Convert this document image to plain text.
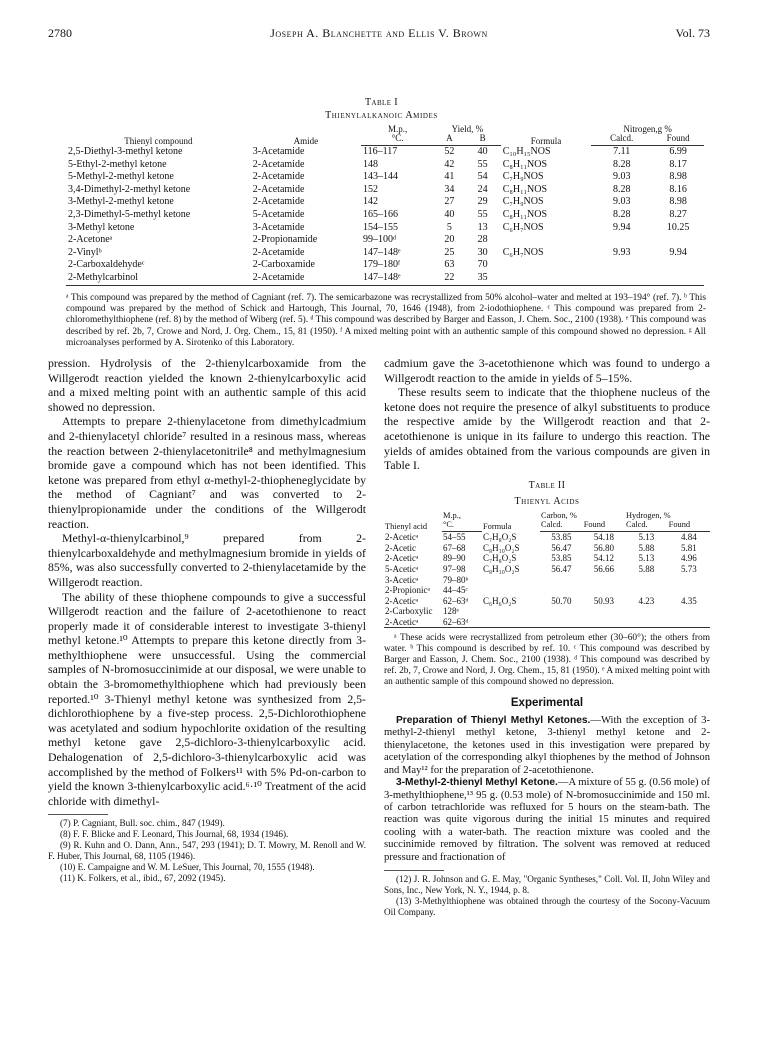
2780	Joseph A. Blanchette and Ellis V. Brown	Vol. 73
Table I
Thienylalkanoic Amides
Thienyl compound	Amide	M.p.,	Yield, %		Formula	Nitrogen,g %	
		°C.	A	B		Calcd.	Found
2,5-Diethyl-3-methyl ketone	3-Acetamide	116–117	52	40	C₁₀H₁₅NOS	7.11	6.99
5-Ethyl-2-methyl ketone	2-Acetamide	148	42	55	C₈H₁₁NOS	8.28	8.17
5-Methyl-2-methyl ketone	2-Acetamide	143–144	41	54	C₇H₉NOS	9.03	8.98
3,4-Dimethyl-2-methyl ketone	2-Acetamide	152	34	24	C₈H₁₁NOS	8.28	8.16
3-Methyl-2-methyl ketone	2-Acetamide	142	27	29	C₇H₉NOS	9.03	8.98
2,3-Dimethyl-5-methyl ketone	5-Acetamide	165–166	40	55	C₈H₁₁NOS	8.28	8.27
3-Methyl ketone	3-Acetamide	154–155	5	13	C₆H₇NOS	9.94	10.25
2-Acetoneᵃ	2-Propionamide	99–100ᵈ	20	28			
2-Vinylᵇ	2-Acetamide	147–148ᵉ	25	30	C₆H₇NOS	9.93	9.94
2-Carboxaldehydeᶜ	2-Carboxamide	179–180ᶠ	63	70			
2-Methylcarbinol	2-Acetamide	147–148ᵉ	22	35			
ᵃ This compound was prepared by the method of Cagniant (ref. 7). The semicarbazone was recrystallized from 50% alcohol–water and melted at 193–194° (ref. 7). ᵇ This compound was prepared by the method of Schick and Hartough, This Journal, 70, 1646 (1948), from 2-iodothiophene. ᶜ This compound was prepared from 2-chloromethylthiophene (ref. 8) by the method of Wiberg (ref. 5). ᵈ This compound was described by Barger and Easson, J. Chem. Soc., 2100 (1938). ᵉ This compound was described by ref. 2b, 7, Crowe and Nord, J. Org. Chem., 15, 81 (1950). ᶠ A mixed melting point with an authentic sample of this compound showed no depression. ᵍ All microanalyses performed by A. Sirotenko of this Laboratory.

pression. Hydrolysis of the 2-thienylcarboxamide from the Willgerodt reaction yielded the known 2-thienylcarboxylic acid and a mixed melting point with an authentic sample of this acid showed no depression.

Attempts to prepare 2-thienylacetone from dimethylcadmium and 2-thienylacetyl chloride⁷ resulted in a resinous mass, whereas the reaction between 2-thienylacetonitrile⁸ and methylmagnesium bromide gave a compound which has not been identified. This ketone was prepared from ethyl α-methyl-2-thiopheneglycidate by the method of Cagniant⁷ and was converted to 2-thienylpropionamide under the conditions of the Willgerodt reaction.

Methyl-α-thienylcarbinol,⁹ prepared from 2-thienylcarboxaldehyde and methylmagnesium bromide in yields of 85%, was also successfully converted to 2-thienylacetamide by the Willgerodt reaction.

The ability of these thiophene compounds to give a successful Willgerodt reaction and the failure of 2-acetothienone to react properly made it of considerable interest to investigate 3-thienyl methyl ketone.¹⁰ Attempts to prepare this ketone directly from 3-methylthiophene were unsuccessful. Using the commercial samples of N-bromosuccinimide at our disposal, we were unable to obtain the 3-bromomethylthiophene which had previously been reported.¹⁰ 3-Thienyl methyl ketone was synthesized from 2,5-dichlorothiophene by a five-step process. 2,5-Dichlorothiophene was acetylated and sodium hypochlorite oxidation of the resulting methyl ketone gave 2,5-dichloro-3-thienylcarboxylic acid. Dehalogenation of 2,5-dichloro-3-thienylcarboxylic acid was accomplished by the method of Folkers¹¹ with 5% Pd-on-carbon to yield the known 3-thienylcarboxylic acid.⁶·¹⁰ Treatment of the acid chloride with dimethyl-

(7) P. Cagniant, Bull. soc. chim., 847 (1949).

(8) F. F. Blicke and F. Leonard, This Journal, 68, 1934 (1946).

(9) R. Kuhn and O. Dann, Ann., 547, 293 (1941); D. T. Mowry, M. Renoll and W. F. Huber, This Journal, 68, 1105 (1946).

(10) E. Campaigne and W. M. LeSuer, This Journal, 70, 1555 (1948).

(11) K. Folkers, et al., ibid., 67, 2092 (1945).

cadmium gave the 3-acetothienone which was found to undergo a Willgerodt reaction to the amide in yields of 5–15%.

These results seem to indicate that the thiophene nucleus of the ketone does not require the presence of alkyl substituents to produce the respective amide by the Willgerodt reaction and that 2-acetothienone is unique in its failure to undergo this reaction. The yields of amides obtained from the various compounds are given in Table I.

Table II
Thienyl Acids
Thienyl acid	M.p.,	Formula	Carbon, %		Hydrogen, %	
	°C.		Calcd.	Found	Calcd.	Found
2-Aceticᵃ	54–55	C₇H₈O₂S	53.85	54.18	5.13	4.84
2-Acetic	67–68	C₈H₁₀O₂S	56.47	56.80	5.88	5.81
2-Aceticᵃ	89–90	C₇H₈O₂S	53.85	54.12	5.13	4.96
5-Aceticᵃ	97–98	C₈H₁₀O₂S	56.47	56.66	5.88	5.73
3-Aceticᵃ	79–80ᵇ					
2-Propionicᵃ	44–45ᶜ					
2-Aceticᵃ	62–63ᵈ	C₆H₆O₂S	50.70	50.93	4.23	4.35
2-Carboxylic	128ᵉ					
2-Aceticᵃ	62–63ᵈ					
ᵃ These acids were recrystallized from petroleum ether (30–60°); the others from water. ᵇ This compound is described by ref. 10. ᶜ This compound was described by Barger and Easson, J. Chem. Soc., 2100 (1938). ᵈ This compound was described by ref. 2b, 7, Crowe and Nord, J. Org. Chem., 15, 81 (1950). ᵉ A mixed melting point with an authentic sample of this compound showed no depression.
Experimental

Preparation of Thienyl Methyl Ketones.—With the exception of 3-methyl-2-thienyl methyl ketone, 3-thienyl methyl ketone and 2-thienylacetone, the ketones used in this investigation were prepared by acetylation of the corresponding alkyl thiophenes by the method of Johnson and May¹² for the preparation of 2-acetothienone.

3-Methyl-2-thienyl Methyl Ketone.—A mixture of 55 g. (0.56 mole) of 3-methylthiophene,¹³ 95 g. (0.53 mole) of N-bromosuccinimide and 150 ml. of carbon tetrachloride was refluxed for 5 hours on the steam-bath. The reaction was quite vigorous during the initial 15 minutes and required cooling with a water-bath. The reaction mixture was cooled and the succinimide removed by filtration. The solvent was removed at reduced pressure and fractionation of

(12) J. R. Johnson and G. E. May, "Organic Syntheses," Coll. Vol. II, John Wiley and Sons, Inc., New York, N. Y., 1944, p. 8.

(13) 3-Methylthiophene was obtained through the courtesy of the Socony-Vacuum Oil Company.
